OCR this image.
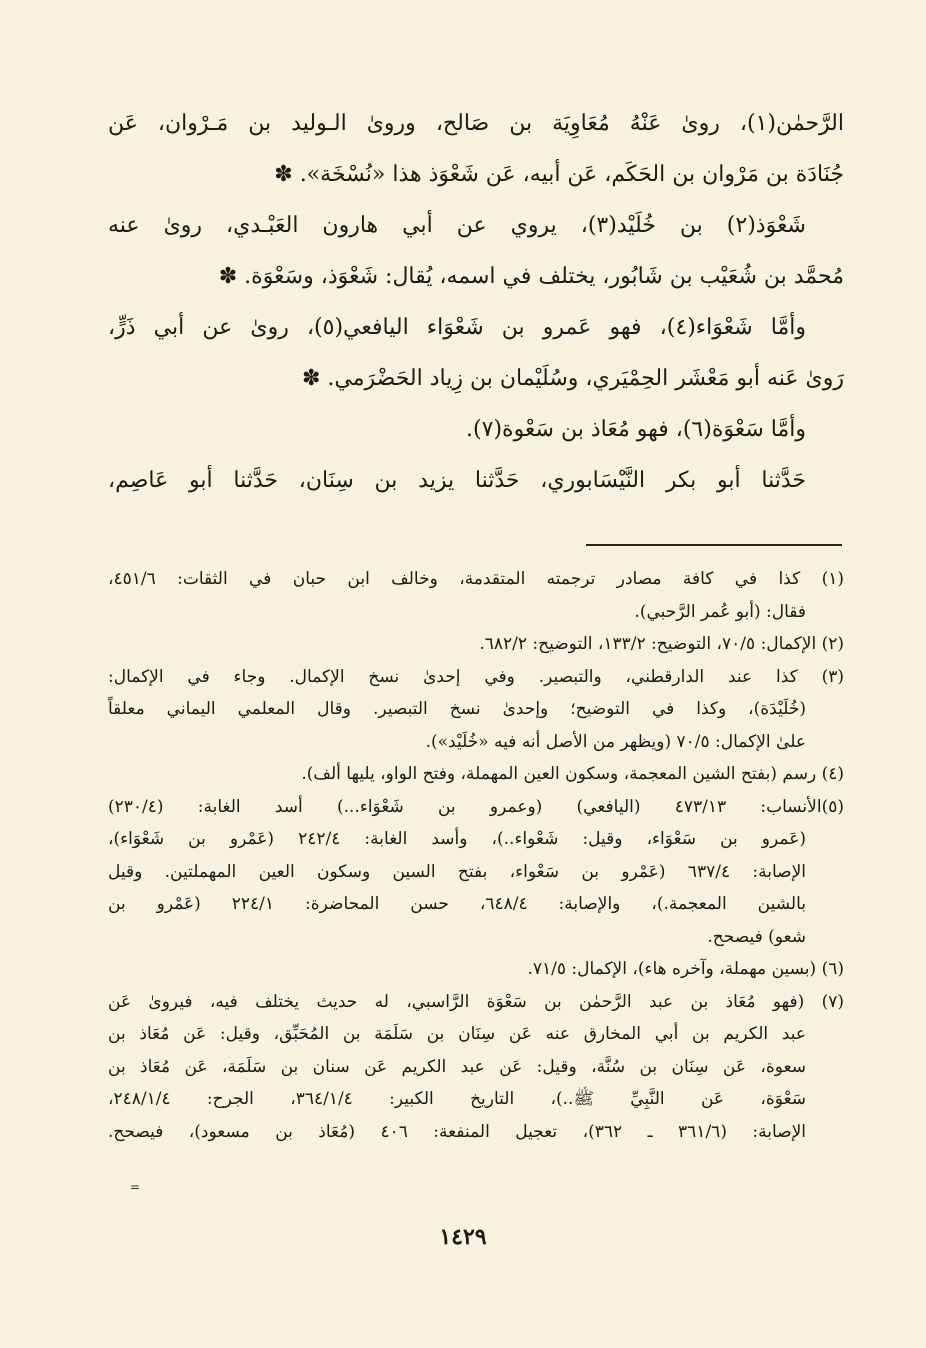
الرَّحمٰن(١)، روىٰ عَنْهُ مُعَاوِيَة بن صَالح، وروىٰ الـوليد بن مَـرْوان، عَن
جُنَادَة بن مَرْوان بن الحَكَم، عَن أبيه، عَن شَعْوَذ هذا «نُسْخَة». ✽
شَعْوَذ(٢) بن خُلَيْد(٣)، يروي عن أبي هارون العَبْـدي، روىٰ عنه
مُحمَّد بن شُعَيْب بن شَابُور، يختلف في اسمه، يُقال: شَعْوَذ، وسَعْوَة. ✽
وأمَّا شَعْوَاء(٤)، فهو عَمرو بن شَعْوَاء اليافعي(٥)، روىٰ عن أبي ذَرٍّ،
رَوىٰ عَنه أبو مَعْشَر الحِمْيَري، وسُلَيْمان بن زِياد الحَضْرَمي. ✽
وأمَّا سَعْوَة(٦)، فهو مُعَاذ بن سَعْوة(٧).
حَدَّثنا أبو بكر النَّيْسَابوري، حَدَّثنا يزيد بن سِنَان، حَدَّثنا أبو عَاصِم،
(١) كذا في كافة مصادر ترجمته المتقدمة، وخالف ابن حبان في الثقات: ٤٥١/٦،
فقال: (أبو عُمر الرَّحبي).
(٢) الإكمال: ٧٠/٥، التوضيح: ١٣٣/٢، التوضيح: ٦٨٢/٢.
(٣) كذا عند الدارقطني، والتبصير. وفي إحدىٰ نسخ الإكمال. وجاء في الإكمال:
(خُلَيْدَة)، وكذا في التوضيح؛ وإحدىٰ نسخ التبصير. وقال المعلمي اليماني معلقاً
علىٰ الإكمال: ٧٠/٥ (ويظهر من الأصل أنه فيه «خُلَيْد»).
(٤) رسم (بفتح الشين المعجمة، وسكون العين المهملة، وفتح الواو، يليها ألف).
(٥)الأنساب: ٤٧٣/١٣ (اليافعي) (وعمرو بن شَعْوَاء...) أسد الغابة: (٢٣٠/٤)
(عَمرو بن سَعْوَاء، وقيل: شَعْواء..)، وأسد الغابة: ٢٤٢/٤ (عَمْرو بن شَعْوَاء)،
الإصابة: ٦٣٧/٤ (عَمْرو بن سَعْواء، بفتح السين وسكون العين المهملتين. وقيل
بالشين المعجمة.)، والإصابة: ٦٤٨/٤، حسن المحاضرة: ٢٢٤/١ (عَمْرو بن
شعو) فيصحح.
(٦) (بسين مهملة، وآخره هاء)، الإكمال: ٧١/٥.
(٧) (فهو مُعَاذ بن عبد الرَّحمٰن بن سَعْوَة الرَّاسبي، له حديث يختلف فيه، فيروىٰ عَن
عبد الكريم بن أبي المخارق عنه عَن سِنَان بن سَلَمَة بن المُحَبِّق، وقيل: عَن مُعَاذ بن
سعوة، عَن سِنَان بن سُنَّة، وقيل: عَن عبد الكريم عَن سنان بن سَلَمَة، عَن مُعَاذ بن
سَعْوَة، عَن النَّبِيِّ ﷺ..)، التاريخ الكبير: ٣٦٤/١/٤، الجرح: ٢٤٨/١/٤،
الإصابة: (٣٦١/٦ ـ ٣٦٢)، تعجيل المنفعة: ٤٠٦ (مُعَاذ بن مسعود)، فيصحح.
=
١٤٢٩
